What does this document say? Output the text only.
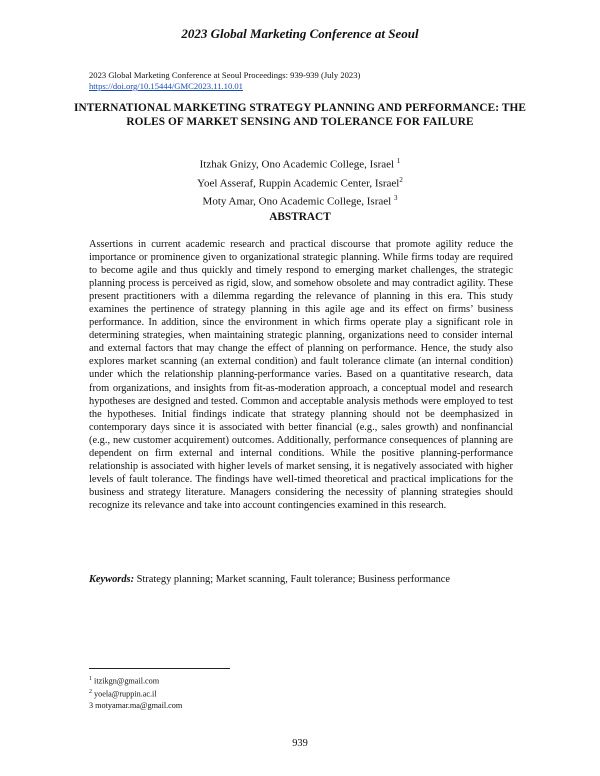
2023 Global Marketing Conference at Seoul
2023 Global Marketing Conference at Seoul Proceedings: 939-939 (July 2023)
https://doi.org/10.15444/GMC2023.11.10.01
INTERNATIONAL MARKETING STRATEGY PLANNING AND PERFORMANCE: THE ROLES OF MARKET SENSING AND TOLERANCE FOR FAILURE
Itzhak Gnizy, Ono Academic College, Israel $^1$
Yoel Asseraf, Ruppin Academic Center, Israel$^2$
Moty Amar, Ono Academic College, Israel $^3$
ABSTRACT
Assertions in current academic research and practical discourse that promote agility reduce the importance or prominence given to organizational strategic planning. While firms today are required to become agile and thus quickly and timely respond to emerging market challenges, the strategic planning process is perceived as rigid, slow, and somehow obsolete and may contradict agility. These present practitioners with a dilemma regarding the relevance of planning in this era. This study examines the pertinence of strategy planning in this agile age and its effect on firms’ business performance. In addition, since the environment in which firms operate play a significant role in determining strategies, when maintaining strategic planning, organizations need to consider internal and external factors that may change the effect of planning on performance. Hence, the study also explores market scanning (an external condition) and fault tolerance climate (an internal condition) under which the relationship planning-performance varies. Based on a quantitative research, data from organizations, and insights from fit-as-moderation approach, a conceptual model and research hypotheses are designed and tested. Common and acceptable analysis methods were employed to test the hypotheses. Initial findings indicate that strategy planning should not be deemphasized in contemporary days since it is associated with better financial (e.g., sales growth) and nonfinancial (e.g., new customer acquirement) outcomes. Additionally, performance consequences of planning are dependent on firm external and internal conditions. While the positive planning-performance relationship is associated with higher levels of market sensing, it is negatively associated with higher levels of fault tolerance. The findings have well-timed theoretical and practical implications for the business and strategy literature. Managers considering the necessity of planning strategies should recognize its relevance and take into account contingencies examined in this research.
Keywords: Strategy planning; Market scanning, Fault tolerance; Business performance
$^1$ itzikgn@gmail.com
$^2$ yoela@ruppin.ac.il
3 motyamar.ma@gmail.com
939
